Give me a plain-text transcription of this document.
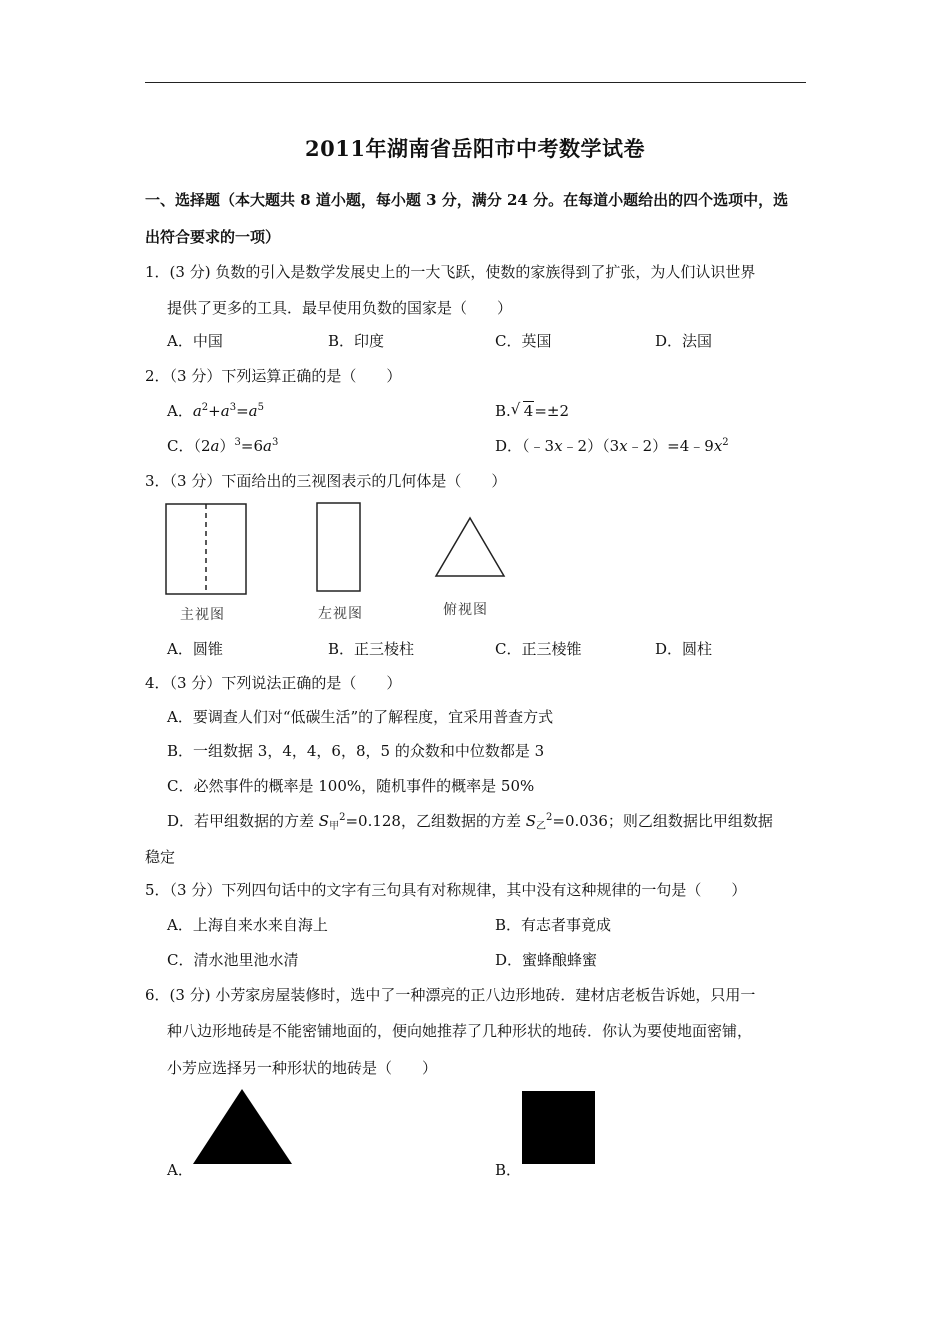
2011年湖南省岳阳市中考数学试卷
一、选择题（本大题共 8 道小题，每小题 3 分，满分 24 分。在每道小题给出的四个选项中，选
出符合要求的一项）
1．(3 分) 负数的引入是数学发展史上的一大飞跃，使数的家族得到了扩张，为人们认识世界
提供了更多的工具．最早使用负数的国家是（　　）
A．中国	B．印度	C．英国	D．法国
2．（3 分）下列运算正确的是（　　）
A．$a^2+a^3=a^5$	B. √ 4=±2
C．$(2a)^3=6a^3$	D．$(﹣3x﹣2)(3x﹣2)=4﹣9x^2$
3．（3 分）下面给出的三视图表示的几何体是（　　）
主视图	左视图	俯视图
A．圆锥	B．正三棱柱	C．正三棱锥	D．圆柱
4．（3 分）下列说法正确的是（　　）
A．要调查人们对“低碳生活”的了解程度，宜采用普查方式
B．一组数据 3，4，4，6，8，5 的众数和中位数都是 3
C．必然事件的概率是 100%，随机事件的概率是 50%
D．若甲组数据的方差 $S_甲^2=0.128$，乙组数据的方差 $S_乙^2=0.036$；则乙组数据比甲组数据
稳定
5．（3 分）下列四句话中的文字有三句具有对称规律，其中没有这种规律的一句是（　　）
A．上海自来水来自海上	B．有志者事竟成
C．清水池里池水清	D．蜜蜂酿蜂蜜
6．(3 分) 小芳家房屋装修时，选中了一种漂亮的正八边形地砖．建材店老板告诉她，只用一
种八边形地砖是不能密铺地面的，便向她推荐了几种形状的地砖．你认为要使地面密铺，
小芳应选择另一种形状的地砖是（　　）
A．	B．
